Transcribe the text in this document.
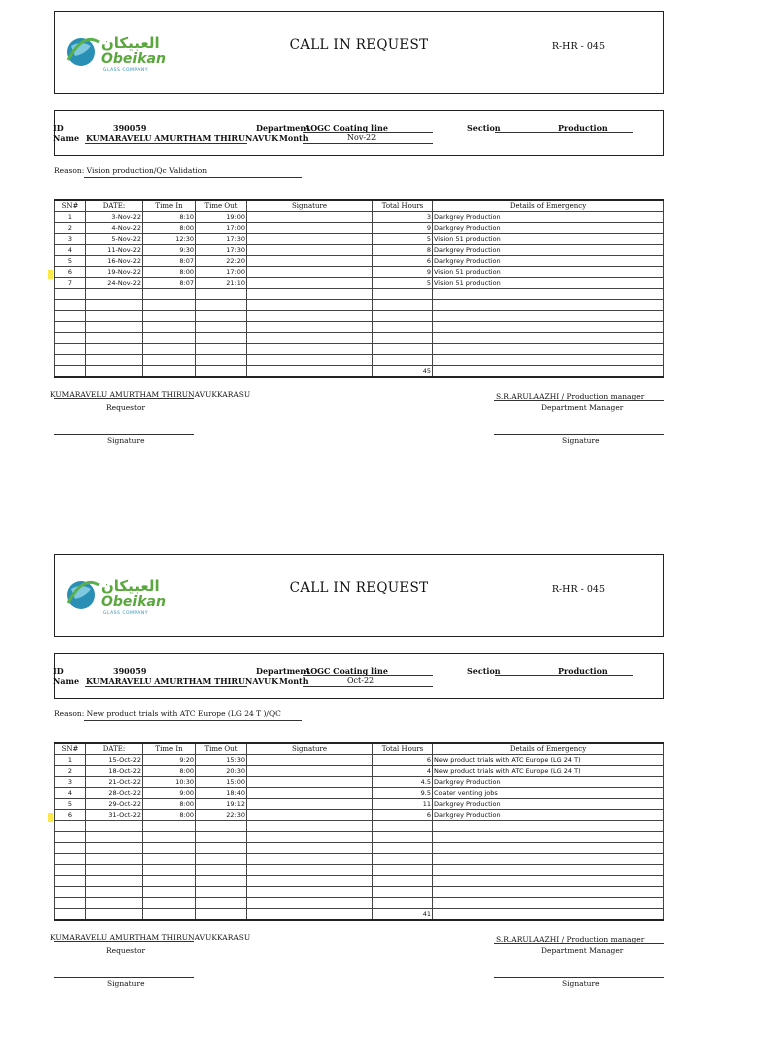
العبيكان
Obeikan
GLASS COMPANY
CALL IN REQUEST	R-HR - 045
ID	390059
Name KUMARAVELU AMURTHAM THIRUNAVUK
Department
AOGC Coating line
Month	Nov-22
Section	Production
Reason: Vision production/Qc Validation
SN#	DATE:	Time In	Time Out	Signature	Total Hours	Details of Emergency
1	3-Nov-22	8:10	19:00		3	Darkgrey Production
2	4-Nov-22	8:00	17:00		9	Darkgrey Production
3	5-Nov-22	12:30	17:30		5	Vision 51 production
4	11-Nov-22	9:30	17:30		8	Darkgrey Production
5	16-Nov-22	8:07	22:20		6	Darkgrey Production
6	19-Nov-22	8:00	17:00		9	Vision 51 production
7	24-Nov-22	8:07	21:10		5	Vision 51 production

					45	
KUMARAVELU AMURTHAM THIRUNAVUKKARASU
Requestor
S.R.ARULAAZHI / Production manager
Department Manager
Signature	Signature
العبيكان
Obeikan
GLASS COMPANY
CALL IN REQUEST	R-HR - 045
ID	390059
Name KUMARAVELU AMURTHAM THIRUNAVUK
Department
AOGC Coating line
Month	Oct-22
Section	Production
Reason: New product trials with ATC Europe (LG 24 T )/QC
SN#	DATE:	Time In	Time Out	Signature	Total Hours	Details of Emergency
1	15-Oct-22	9:20	15:30		6	New product trials with ATC Europe (LG 24 T)
2	18-Oct-22	8:00	20:30		4	New product trials with ATC Europe (LG 24 T)
3	21-Oct-22	10:30	15:00		4.5	Darkgrey Production
4	28-Oct-22	9:00	18:40		9.5	Coater venting jobs
5	29-Oct-22	8:00	19:12		11	Darkgrey Production
6	31-Oct-22	8:00	22:30		6	Darkgrey Production

					41	
KUMARAVELU AMURTHAM THIRUNAVUKKARASU
Requestor
S.R.ARULAAZHI / Production manager
Department Manager
Signature	Signature
